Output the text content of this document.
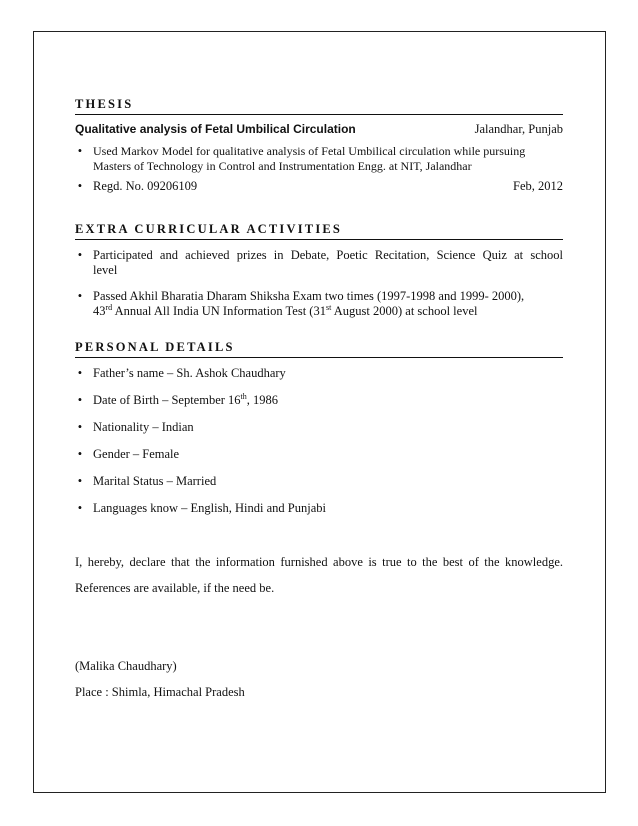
THESIS
Qualitative analysis of Fetal Umbilical Circulation	Jalandhar, Punjab
• Used Markov Model for qualitative analysis of Fetal Umbilical circulation while pursuing
Masters of Technology in Control and Instrumentation Engg. at NIT, Jalandhar
• Regd. No. 09206109	Feb, 2012
EXTRA CURRICULAR ACTIVITIES
• Participated and achieved prizes in Debate, Poetic Recitation, Science Quiz at school
level
• Passed Akhil Bharatia Dharam Shiksha Exam two times (1997-1998 and 1999- 2000),
43rd Annual All India UN Information Test (31st August 2000) at school level
PERSONAL DETAILS
• Father’s name – Sh. Ashok Chaudhary
• Date of Birth – September 16th, 1986
• Nationality – Indian
• Gender – Female
• Marital Status – Married
• Languages know – English, Hindi and Punjabi
I, hereby, declare that the information furnished above is true to the best of the knowledge.
References are available, if the need be.
(Malika Chaudhary)
Place : Shimla, Himachal Pradesh
